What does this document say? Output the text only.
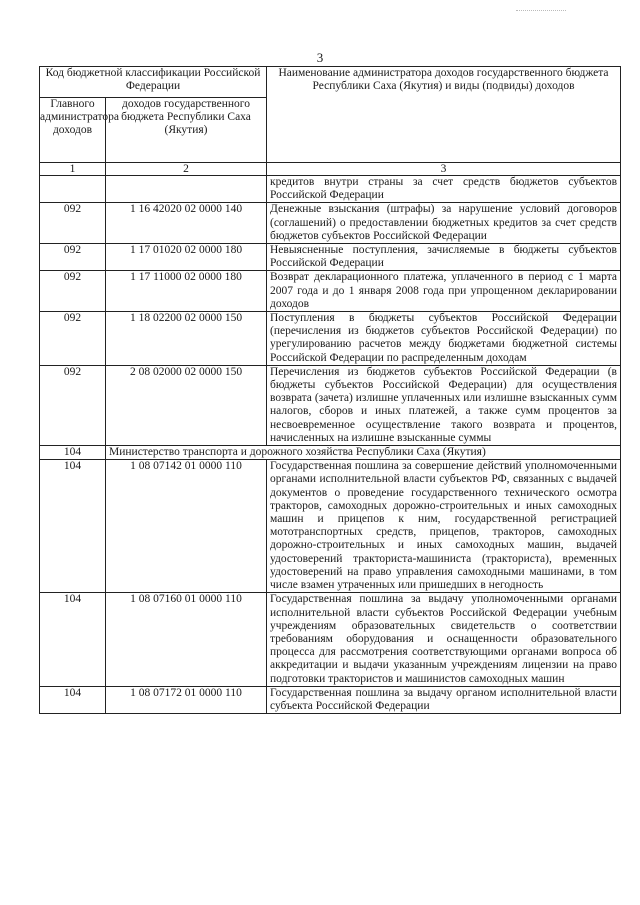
3
Код бюджетной классификации Российской Федерации		Наименование администратора доходов государственного бюджета Республики Саха (Якутия) и виды (подвиды) доходов
Главного администратора доходов	доходов государственного бюджета Республики Саха (Якутия)	
1	2	3
		кредитов внутри страны за счет средств бюджетов субъектов Российской Федерации
092	1 16 42020 02 0000 140	Денежные взыскания (штрафы) за нарушение условий договоров (соглашений) о предоставлении бюджетных кредитов за счет средств бюджетов субъектов Российской Федерации
092	1 17 01020 02 0000 180	Невыясненные поступления, зачисляемые в бюджеты субъектов Российской Федерации
092	1 17 11000 02 0000 180	Возврат декларационного платежа, уплаченного в период с 1 марта 2007 года и до 1 января 2008 года при упрощенном декларировании доходов
092	1 18 02200 02 0000 150	Поступления в бюджеты субъектов Российской Федерации (перечисления из бюджетов субъектов Российской Федерации) по урегулированию расчетов между бюджетами бюджетной системы Российской Федерации по распределенным доходам
092	2 08 02000 02 0000 150	Перечисления из бюджетов субъектов Российской Федерации (в бюджеты субъектов Российской Федерации) для осуществления возврата (зачета) излишне уплаченных или излишне взысканных сумм налогов, сборов и иных платежей, а также сумм процентов за несвоевременное осуществление такого возврата и процентов, начисленных на излишне взысканные суммы
104	Министерство транспорта и дорожного хозяйства Республики Саха (Якутия)	
104	1 08 07142 01 0000 110	Государственная пошлина за совершение действий уполномоченными органами исполнительной власти субъектов РФ, связанных с выдачей документов о проведение государственного технического осмотра тракторов, самоходных дорожно-строительных и иных самоходных машин и прицепов к ним, государственной регистрацией мототранспортных средств, прицепов, тракторов, самоходных дорожно-строительных и иных самоходных машин, выдачей удостоверений тракториста-машиниста (тракториста), временных удостоверений на право управления самоходными машинами, в том числе взамен утраченных или пришедших в негодность
104	1 08 07160 01 0000 110	Государственная пошлина за выдачу уполномоченными органами исполнительной власти субъектов Российской Федерации учебным учреждениям образовательных свидетельств о соответствии требованиям оборудования и оснащенности образовательного процесса для рассмотрения соответствующими органами вопроса об аккредитации и выдачи указанным учреждениям лицензии на право подготовки трактористов и машинистов самоходных машин
104	1 08 07172 01 0000 110	Государственная пошлина за выдачу органом исполнительной власти субъекта Российской Федерации
